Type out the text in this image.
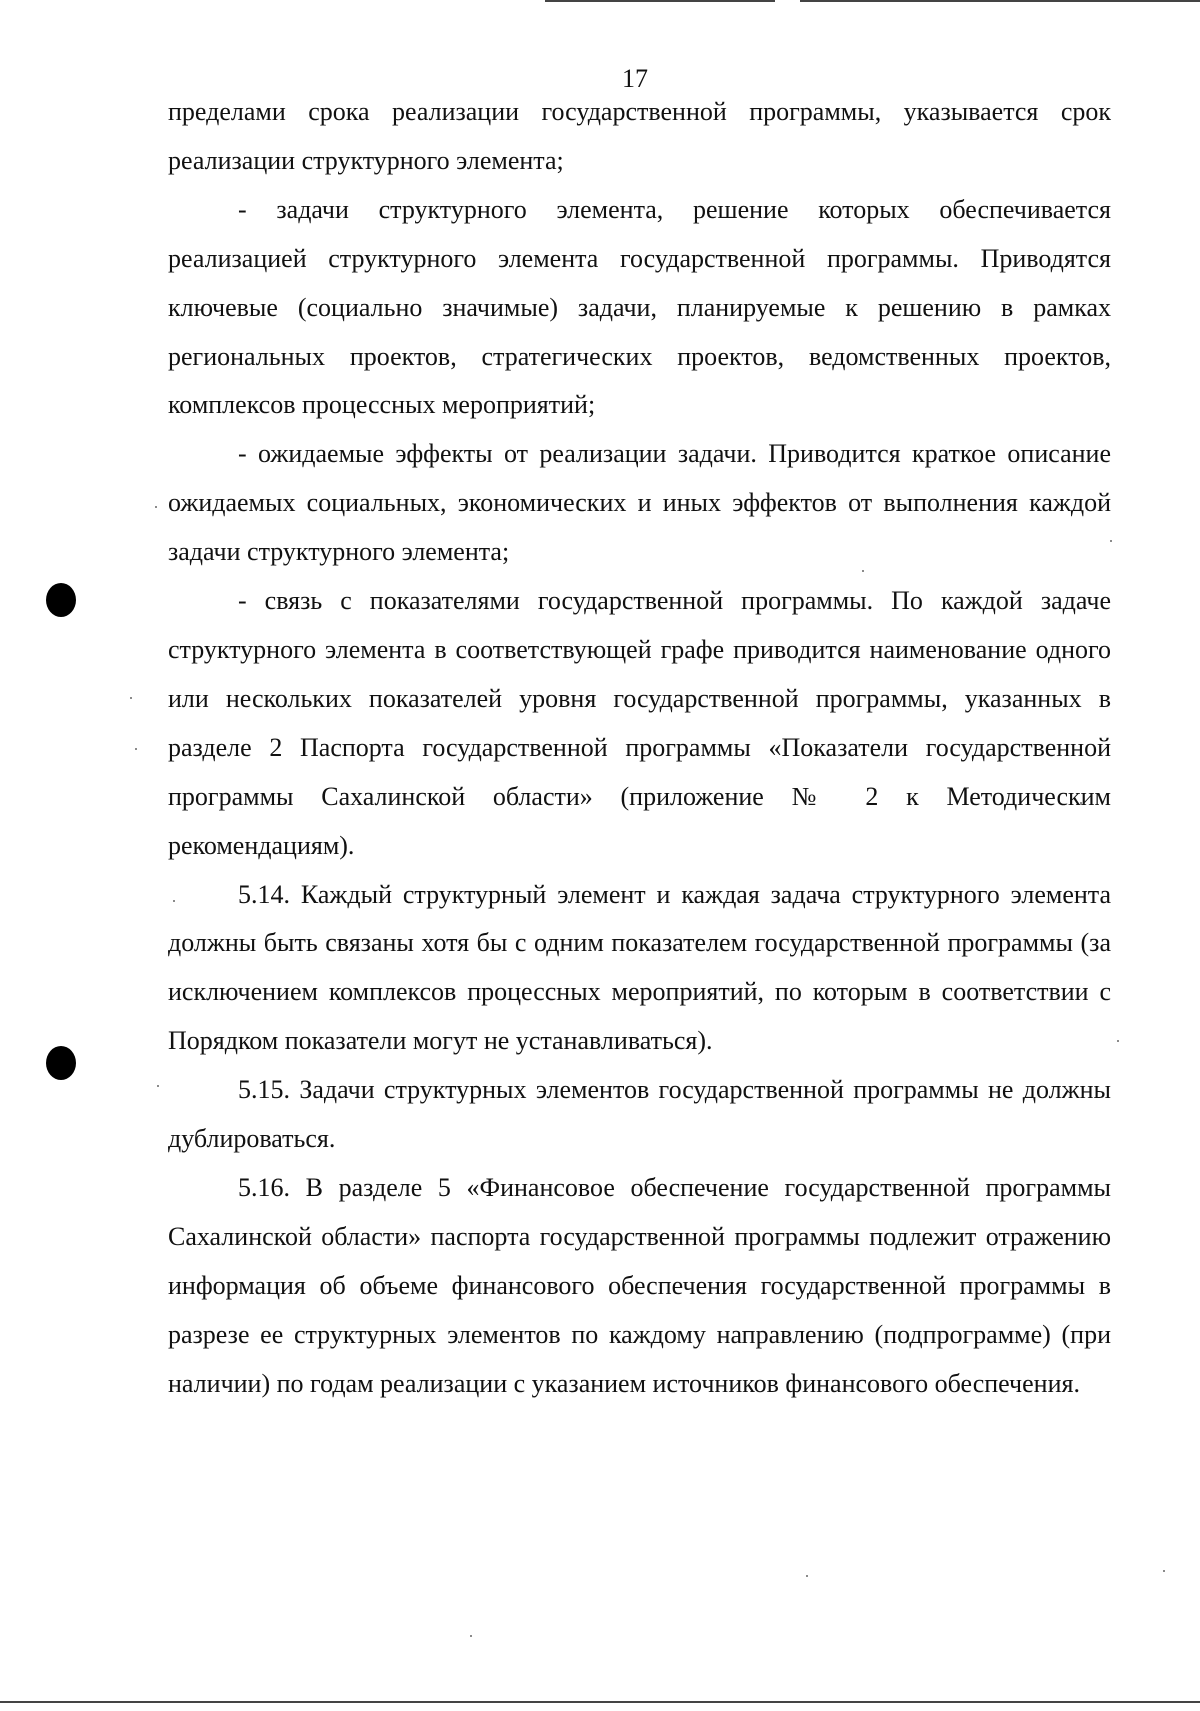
17

пределами срока реализации государственной программы, указывается срок реализации структурного элемента;

- задачи структурного элемента, решение которых обеспечивается реализацией структурного элемента государственной программы. Приводятся ключевые (социально значимые) задачи, планируемые к решению в рамках региональных проектов, стратегических проектов, ведомственных проектов, комплексов процессных мероприятий;

- ожидаемые эффекты от реализации задачи. Приводится краткое описание ожидаемых социальных, экономических и иных эффектов от выполнения каждой задачи структурного элемента;

- связь с показателями государственной программы. По каждой задаче структурного элемента в соответствующей графе приводится наименование одного или нескольких показателей уровня государственной программы, указанных в разделе 2 Паспорта государственной программы «Показатели государственной программы Сахалинской области» (приложение № 2 к Методическим рекомендациям).

5.14. Каждый структурный элемент и каждая задача структурного элемента должны быть связаны хотя бы с одним показателем государственной программы (за исключением комплексов процессных мероприятий, по которым в соответствии с Порядком показатели могут не устанавливаться).

5.15. Задачи структурных элементов государственной программы не должны дублироваться.

5.16. В разделе 5 «Финансовое обеспечение государственной программы Сахалинской области» паспорта государственной программы подлежит отражению информация об объеме финансового обеспечения государственной программы в разрезе ее структурных элементов по каждому направлению (подпрограмме) (при наличии) по годам реализации с указанием источников финансового обеспечения.
